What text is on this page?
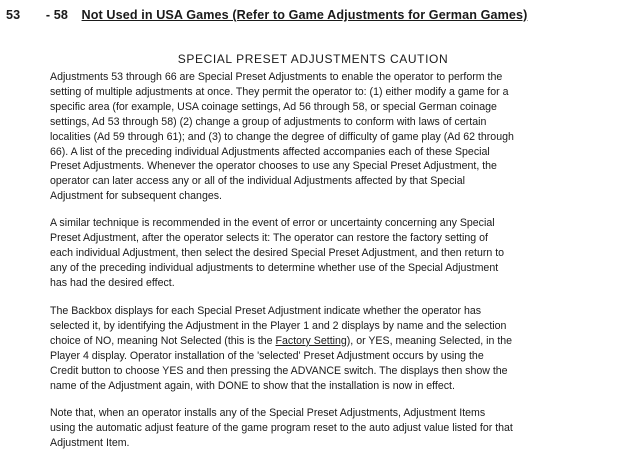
53 - 58 Not Used in USA Games (Refer to Game Adjustments for German Games)
SPECIAL PRESET ADJUSTMENTS CAUTION

Adjustments 53 through 66 are Special Preset Adjustments to enable the operator to perform the
setting of multiple adjustments at once. They permit the operator to: (1) either modify a game for a
specific area (for example, USA coinage settings, Ad 56 through 58, or special German coinage
settings, Ad 53 through 58) (2) change a group of adjustments to conform with laws of certain
localities (Ad 59 through 61); and (3) to change the degree of difficulty of game play (Ad 62 through
66). A list of the preceding individual Adjustments affected accompanies each of these Special
Preset Adjustments. Whenever the operator chooses to use any Special Preset Adjustment, the
operator can later access any or all of the individual Adjustments affected by that Special
Adjustment for subsequent changes.

A similar technique is recommended in the event of error or uncertainty concerning any Special
Preset Adjustment, after the operator selects it: The operator can restore the factory setting of
each individual Adjustment, then select the desired Special Preset Adjustment, and then return to
any of the preceding individual adjustments to determine whether use of the Special Adjustment
has had the desired effect.

The Backbox displays for each Special Preset Adjustment indicate whether the operator has
selected it, by identifying the Adjustment in the Player 1 and 2 displays by name and the selection
choice of NO, meaning Not Selected (this is the Factory Setting), or YES, meaning Selected, in the
Player 4 display. Operator installation of the 'selected' Preset Adjustment occurs by using the
Credit button to choose YES and then pressing the ADVANCE switch. The displays then show the
name of the Adjustment again, with DONE to show that the installation is now in effect.

Note that, when an operator installs any of the Special Preset Adjustments, Adjustment Items
using the automatic adjust feature of the game program reset to the auto adjust value listed for that
Adjustment Item.
